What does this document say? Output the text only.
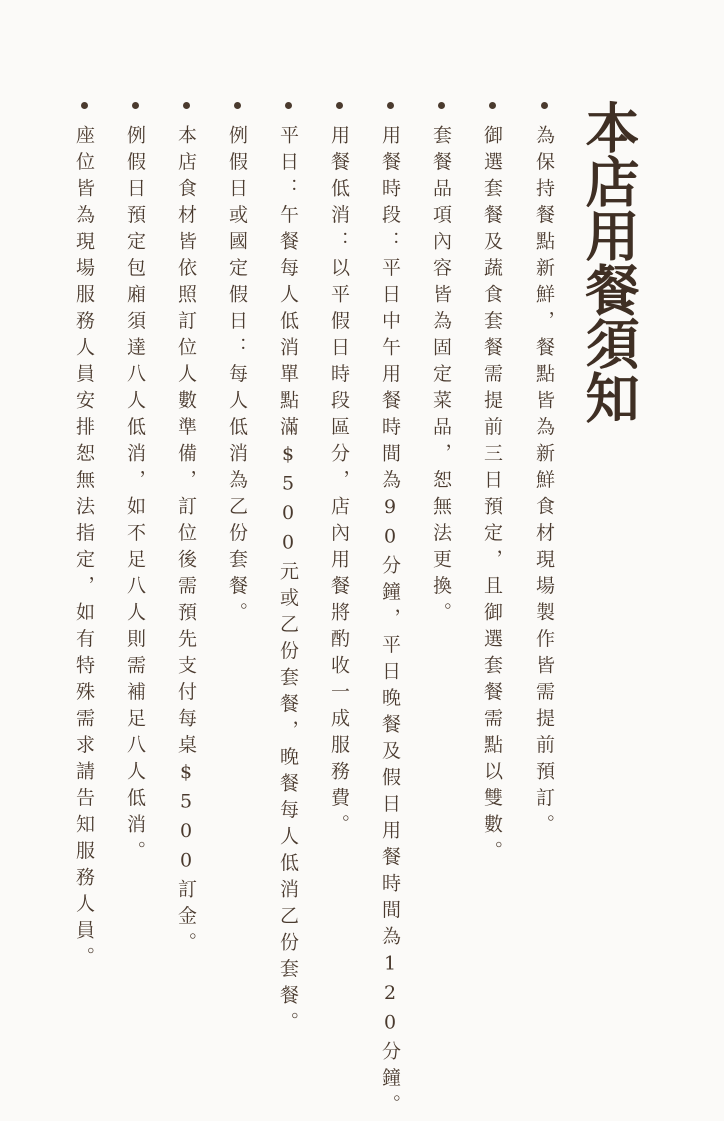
本店用餐須知
為保持餐點新鮮，餐點皆為新鮮食材現場製作皆需提前預訂。
御選套餐及蔬食套餐需提前三日預定，且御選套餐需點以雙數。
套餐品項內容皆為固定菜品，恕無法更換。
用餐時段：平日中午用餐時間為90分鐘，平日晚餐及假日用餐時間為120分鐘。
用餐低消：以平假日時段區分，店內用餐將酌收一成服務費。
平日：午餐每人低消單點滿$500元或乙份套餐，晚餐每人低消乙份套餐。
例假日或國定假日：每人低消為乙份套餐。
本店食材皆依照訂位人數準備，訂位後需預先支付每桌$500訂金。
例假日預定包廂須達八人低消，如不足八人則需補足八人低消。
座位皆為現場服務人員安排恕無法指定，如有特殊需求請告知服務人員。
